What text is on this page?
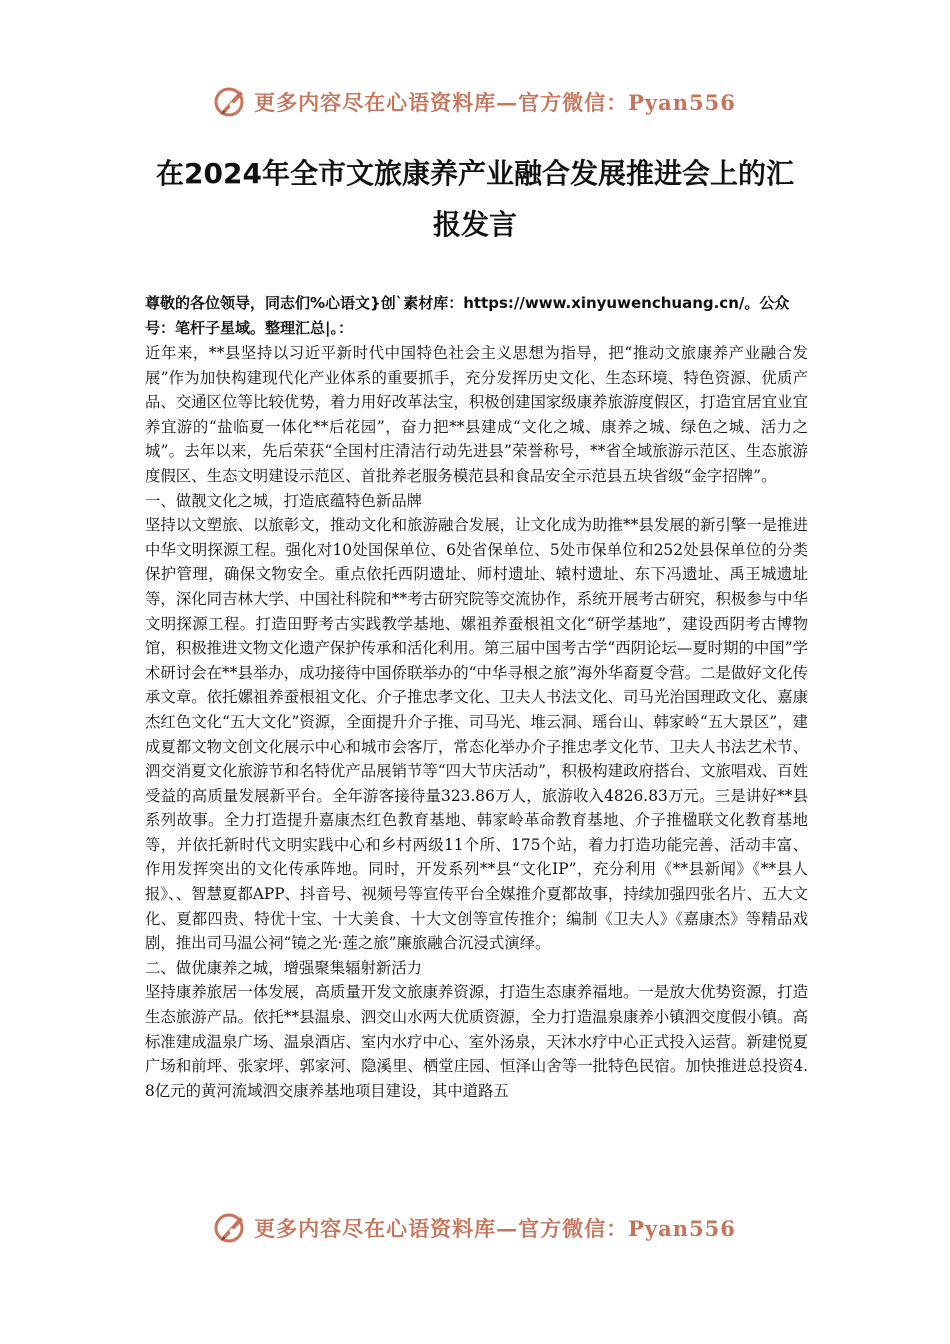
更多内容尽在心语资料库—官方微信：Pyan556
在2024年全市文旅康养产业融合发展推进会上的汇
报发言

尊敬的各位领导，同志们%心语文}创`素材库：https://www.xinyuwenchuang.cn/。公众号：笔杆子星域。整理汇总|。：

近年来，**县坚持以习近平新时代中国特色社会主义思想为指导，把“推动文旅康养产业融合发展”作为加快构建现代化产业体系的重要抓手，充分发挥历史文化、生态环境、特色资源、优质产品、交通区位等比较优势，着力用好改革法宝，积极创建国家级康养旅游度假区，打造宜居宜业宜养宜游的“盐临夏一体化**后花园”，奋力把**县建成“文化之城、康养之城、绿色之城、活力之城”。去年以来，先后荣获“全国村庄清洁行动先进县”荣誉称号，**省全域旅游示范区、生态旅游度假区、生态文明建设示范区、首批养老服务模范县和食品安全示范县五块省级“金字招牌”。

一、做靓文化之城，打造底蕴特色新品牌

坚持以文塑旅、以旅彰文，推动文化和旅游融合发展，让文化成为助推**县发展的新引擎一是推进中华文明探源工程。强化对10处国保单位、6处省保单位、5处市保单位和252处县保单位的分类保护管理，确保文物安全。重点依托西阴遗址、师村遗址、辕村遗址、东下冯遗址、禹王城遗址等，深化同吉林大学、中国社科院和**考古研究院等交流协作，系统开展考古研究，积极参与中华文明探源工程。打造田野考古实践教学基地、嫘祖养蚕根祖文化“研学基地”，建设西阴考古博物馆，积极推进文物文化遗产保护传承和活化利用。第三届中国考古学“西阴论坛—夏时期的中国”学术研讨会在**县举办，成功接待中国侨联举办的“中华寻根之旅”海外华裔夏令营。二是做好文化传承文章。依托嫘祖养蚕根祖文化、介子推忠孝文化、卫夫人书法文化、司马光治国理政文化、嘉康杰红色文化“五大文化”资源，全面提升介子推、司马光、堆云洞、瑶台山、韩家岭“五大景区”，建成夏都文物文创文化展示中心和城市会客厅，常态化举办介子推忠孝文化节、卫夫人书法艺术节、泗交消夏文化旅游节和名特优产品展销节等“四大节庆活动”，积极构建政府搭台、文旅唱戏、百姓受益的高质量发展新平台。全年游客接待量323.86万人，旅游收入4826.83万元。三是讲好**县系列故事。全力打造提升嘉康杰红色教育基地、韩家岭革命教育基地、介子推楹联文化教育基地等，并依托新时代文明实践中心和乡村两级11个所、175个站，着力打造功能完善、活动丰富、作用发挥突出的文化传承阵地。同时，开发系列**县“文化IP”，充分利用《**县新闻》《**县人报》、、智慧夏都APP、抖音号、视频号等宣传平台全媒推介夏都故事，持续加强四张名片、五大文化、夏都四贵、特优十宝、十大美食、十大文创等宣传推介；编制《卫夫人》《嘉康杰》等精品戏剧，推出司马温公祠“镜之光·莲之旅”廉旅融合沉浸式演绎。

二、做优康养之城，增强聚集辐射新活力

坚持康养旅居一体发展，高质量开发文旅康养资源，打造生态康养福地。一是放大优势资源，打造生态旅游产品。依托**县温泉、泗交山水两大优质资源，全力打造温泉康养小镇泗交度假小镇。高标准建成温泉广场、温泉酒店、室内水疗中心、室外汤泉，天沐水疗中心正式投入运营。新建悦夏广场和前坪、张家坪、郭家河、隐溪里、栖堂庄园、恒泽山舍等一批特色民宿。加快推进总投资4.8亿元的黄河流域泗交康养基地项目建设，其中道路五

更多内容尽在心语资料库—官方微信：Pyan556
